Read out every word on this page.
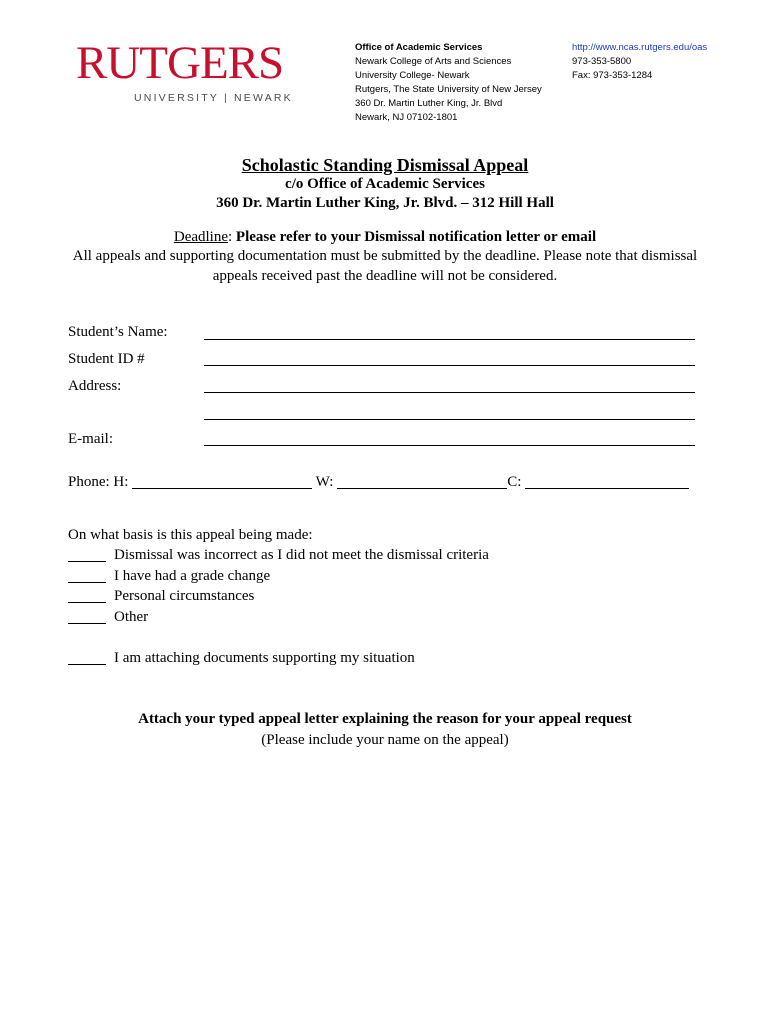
RUTGERS
UNIVERSITY | NEWARK
Office of Academic Services
Newark College of Arts and Sciences
University College- Newark
Rutgers, The State University of New Jersey
360 Dr. Martin Luther King, Jr. Blvd
Newark, NJ 07102-1801
http://www.ncas.rutgers.edu/oas
973-353-5800
Fax: 973-353-1284
Scholastic Standing Dismissal Appeal
c/o Office of Academic Services
360 Dr. Martin Luther King, Jr. Blvd. – 312 Hill Hall
Deadline: Please refer to your Dismissal notification letter or email
All appeals and supporting documentation must be submitted by the deadline. Please note that dismissal
appeals received past the deadline will not be considered.
Student’s Name:
Student ID #
Address:
E-mail:
Phone: H:	W:	C:
On what basis is this appeal being made:
Dismissal was incorrect as I did not meet the dismissal criteria
I have had a grade change
Personal circumstances
Other
I am attaching documents supporting my situation
Attach your typed appeal letter explaining the reason for your appeal request
(Please include your name on the appeal)
